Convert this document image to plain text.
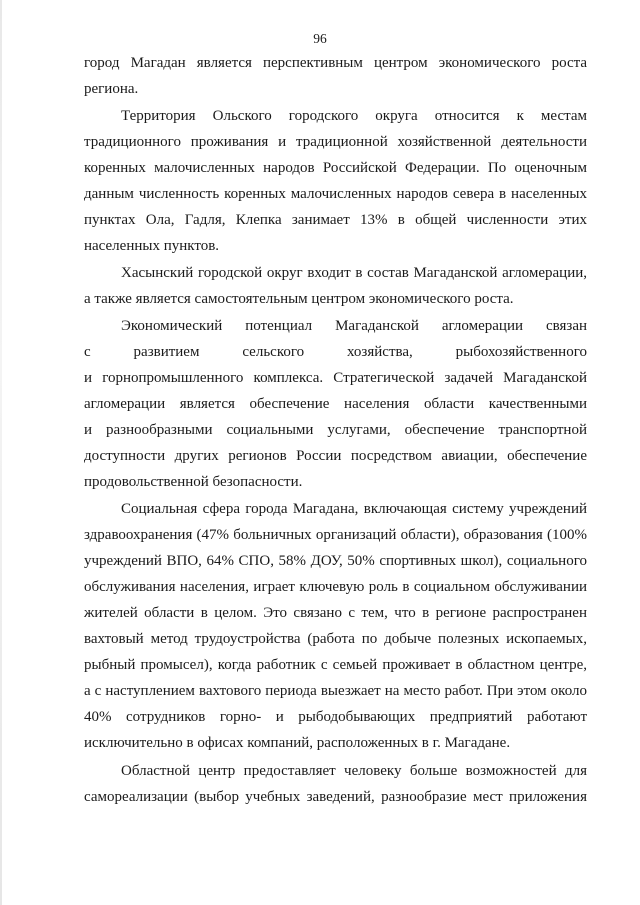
96
город Магадан является перспективным центром экономического роста
региона.
Территория Ольского городского округа относится к местам
традиционного проживания и традиционной хозяйственной деятельности
коренных малочисленных народов Российской Федерации. По оценочным
данным численность коренных малочисленных народов севера в населенных
пунктах Ола, Гадля, Клепка занимает 13% в общей численности этих
населенных пунктов.
Хасынский городской округ входит в состав Магаданской агломерации,
а также является самостоятельным центром экономического роста.
Экономический потенциал Магаданской агломерации связан
с развитием сельского хозяйства, рыбохозяйственного
и горнопромышленного комплекса. Стратегической задачей Магаданской
агломерации является обеспечение населения области качественными
и разнообразными социальными услугами, обеспечение транспортной
доступности других регионов России посредством авиации, обеспечение
продовольственной безопасности.
Социальная сфера города Магадана, включающая систему учреждений
здравоохранения (47% больничных организаций области), образования (100%
учреждений ВПО, 64% СПО, 58% ДОУ, 50% спортивных школ), социального
обслуживания населения, играет ключевую роль в социальном обслуживании
жителей области в целом. Это связано с тем, что в регионе распространен
вахтовый метод трудоустройства (работа по добыче полезных ископаемых,
рыбный промысел), когда работник с семьей проживает в областном центре,
а с наступлением вахтового периода выезжает на место работ. При этом около
40% сотрудников горно- и рыбодобывающих предприятий работают
исключительно в офисах компаний, расположенных в г. Магадане.
Областной центр предоставляет человеку больше возможностей для
самореализации (выбор учебных заведений, разнообразие мест приложения
